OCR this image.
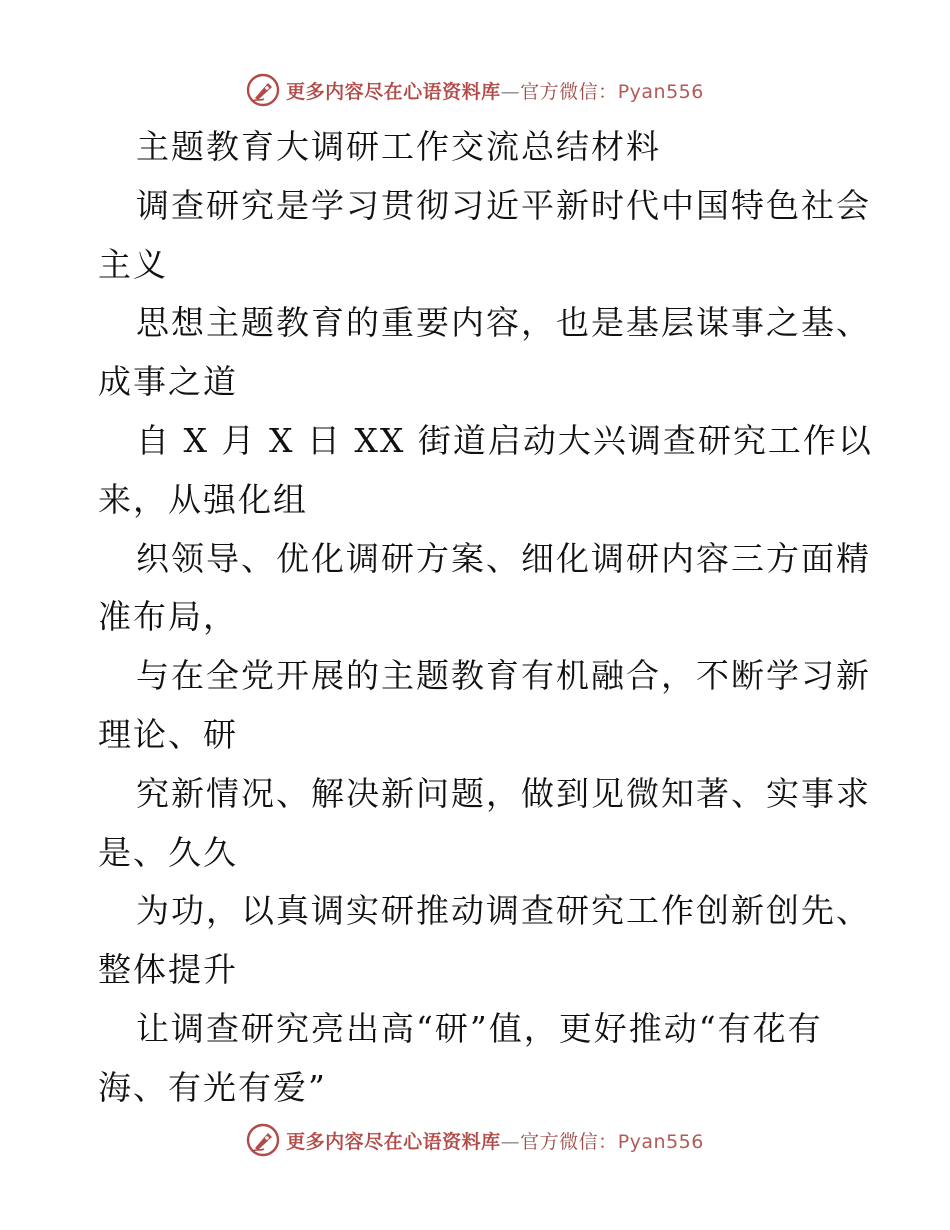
更多内容尽在心语资料库—官方微信：Pyan556
主题教育大调研工作交流总结材料
调查研究是学习贯彻习近平新时代中国特色社会
主义
思想主题教育的重要内容，也是基层谋事之基、
成事之道
自 X 月 X 日 XX 街道启动大兴调查研究工作以
来，从强化组
织领导、优化调研方案、细化调研内容三方面精
准布局，
与在全党开展的主题教育有机融合，不断学习新
理论、研
究新情况、解决新问题，做到见微知著、实事求
是、久久
为功，以真调实研推动调查研究工作创新创先、
整体提升
让调查研究亮出高“研”值，更好推动“有花有
海、有光有爱”
更多内容尽在心语资料库—官方微信：Pyan556
